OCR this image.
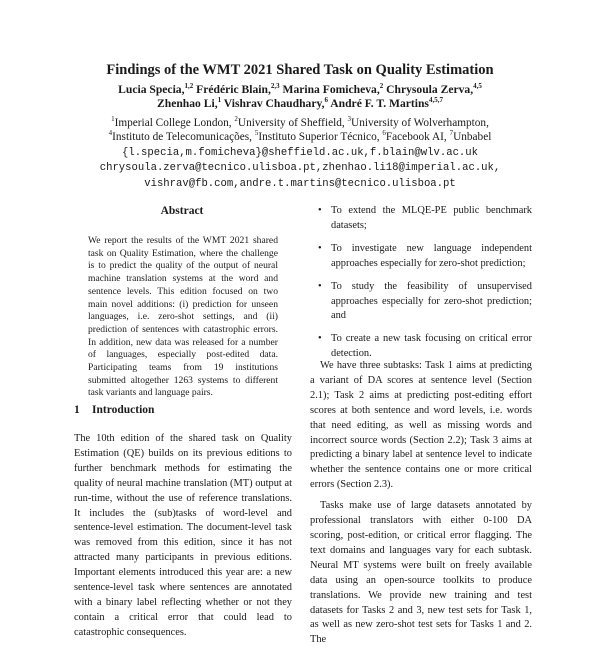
Findings of the WMT 2021 Shared Task on Quality Estimation
Lucia Specia,$^{1,2}$ Frédéric Blain,$^{2,3}$ Marina Fomicheva,$^2$ Chrysoula Zerva,$^{4,5}$
Zhenhao Li,$^1$ Vishrav Chaudhary,$^6$ André F. T. Martins$^{4,5,7}$
$^1$Imperial College London, $^2$University of Sheffield, $^3$University of Wolverhampton,
$^4$Instituto de Telecomunicações, $^5$Instituto Superior Técnico, $^6$Facebook AI, $^7$Unbabel
{l.specia,m.fomicheva}@sheffield.ac.uk,f.blain@wlv.ac.uk
chrysoula.zerva@tecnico.ulisboa.pt,zhenhao.li18@imperial.ac.uk,
vishrav@fb.com,andre.t.martins@tecnico.ulisboa.pt
Abstract
We report the results of the WMT 2021 shared task on Quality Estimation, where the challenge is to predict the quality of the output of neural machine translation systems at the word and sentence levels. This edition focused on two main novel additions: (i) prediction for unseen languages, i.e. zero-shot settings, and (ii) prediction of sentences with catastrophic errors. In addition, new data was released for a number of languages, especially post-edited data. Participating teams from 19 institutions submitted altogether 1263 systems to different task variants and language pairs.
1 Introduction

The 10th edition of the shared task on Quality Estimation (QE) builds on its previous editions to further benchmark methods for estimating the quality of neural machine translation (MT) output at run-time, without the use of reference translations. It includes the (sub)tasks of word-level and sentence-level estimation. The document-level task was removed from this edition, since it has not attracted many participants in previous editions. Important elements introduced this year are: a new sentence-level task where sentences are annotated with a binary label reflecting whether or not they contain a critical error that could lead to catastrophic consequences.

• To extend the MLQE-PE public benchmark datasets;
• To investigate new language independent approaches especially for zero-shot prediction;
• To study the feasibility of unsupervised approaches especially for zero-shot prediction; and
• To create a new task focusing on critical error detection.

We have three subtasks: Task 1 aims at predicting a variant of DA scores at sentence level (Section 2.1); Task 2 aims at predicting post-editing effort scores at both sentence and word levels, i.e. words that need editing, as well as missing words and incorrect source words (Section 2.2); Task 3 aims at predicting a binary label at sentence level to indicate whether the sentence contains one or more critical errors (Section 2.3).

Tasks make use of large datasets annotated by professional translators with either 0-100 DA scoring, post-edition, or critical error flagging. The text domains and languages vary for each subtask. Neural MT systems were built on freely available data using an open-source toolkits to produce translations. We provide new training and test datasets for Tasks 2 and 3, new test sets for Task 1, as well as new zero-shot test sets for Tasks 1 and 2. The
